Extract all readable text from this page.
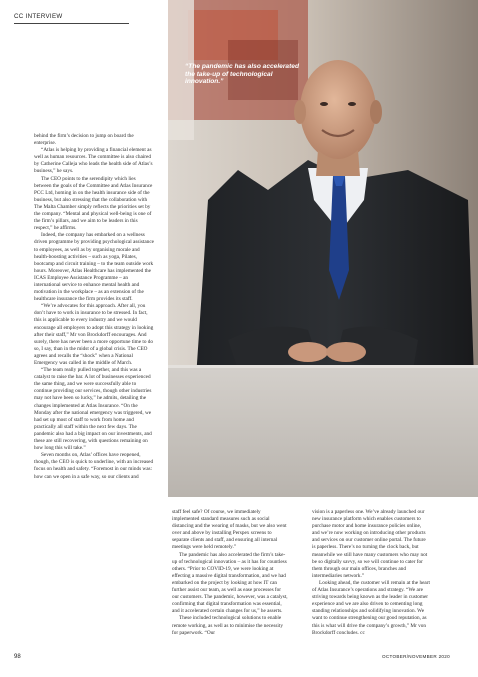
CC INTERVIEW
“The pandemic has also accelerated the take-up of technological innovation.”

behind the firm’s decision to jump on board the enterprise.

“Atlas is helping by providing a financial element as well as human resources. The committee is also chaired by Catherine Calleja who leads the health side of Atlas’s business,” he says.

The CEO points to the serendipity which lies between the goals of the Committee and Atlas Insurance PCC Ltd, homing in on the health insurance side of the business, but also stressing that the collaboration with The Malta Chamber simply reflects the priorities set by the company. “Mental and physical well-being is one of the firm’s pillars, and we aim to be leaders in this respect,” he affirms.

Indeed, the company has embarked on a wellness driven programme by providing psychological assistance to employees, as well as by organising morale and health-boosting activities – such as yoga, Pilates, bootcamp and circuit training – to the team outside work hours. Moreover, Atlas Healthcare has implemented the ICAS Employee Assistance Programme – an international service to enhance mental health and motivation in the workplace – as an extension of the healthcare insurance the firm provides its staff.

“We’re advocates for this approach. After all, you don’t have to work in insurance to be stressed. In fact, this is applicable to every industry and we would encourage all employers to adopt this strategy in looking after their staff,” Mr von Brockdorff encourages. And surely, there has never been a more opportune time to do so, I say, than in the midst of a global crisis. The CEO agrees and recalls the “shock” when a National Emergency was called in the middle of March.

“The team really pulled together, and this was a catalyst to raise the bar. A lot of businesses experienced the same thing, and we were successfully able to continue providing our services, though other industries may not have been so lucky,” he admits, detailing the changes implemented at Atlas Insurance. “On the Monday after the national emergency was triggered, we had set up most of staff to work from home and practically all staff within the next few days. The pandemic also had a big impact on our investments, and these are still recovering, with questions remaining on how long this will take.”

Seven months on, Atlas’ offices have reopened, though, the CEO is quick to underline, with an increased focus on health and safety. “Foremost in our minds was: how can we open in a safe way, so our clients and

staff feel safe? Of course, we immediately implemented standard measures such as social distancing and the wearing of masks, but we also went over and above by installing Perspex screens to separate clients and staff, and ensuring all internal meetings were held remotely.”

The pandemic has also accelerated the firm’s take-up of technological innovation – as it has for countless others. “Prior to COVID-19, we were looking at effecting a massive digital transformation, and we had embarked on the project by looking at how IT can further assist our team, as well as ease processes for our customers. The pandemic, however, was a catalyst, confirming that digital transformation was essential, and it accelerated certain changes for us,” he asserts.

These included technological solutions to enable remote working, as well as to minimise the necessity for paperwork. “Our

vision is a paperless one. We’ve already launched our new insurance platform which enables customers to purchase motor and home insurance policies online, and we’re now working on introducing other products and services on our customer online portal. The future is paperless. There’s no turning the clock back, but meanwhile we still have many customers who may not be so digitally savvy, so we will continue to cater for them through our main offices, branches and intermediaries network.”

Looking ahead, the customer will remain at the heart of Atlas Insurance’s operations and strategy. “We are striving towards being known as the leader in customer experience and we are also driven to cementing long standing relationships and solidifying innovation. We want to continue strengthening our good reputation, as this is what will drive the company’s growth,” Mr von Brockdorff concludes. cc

98	OCTOBER/NOVEMBER 2020
